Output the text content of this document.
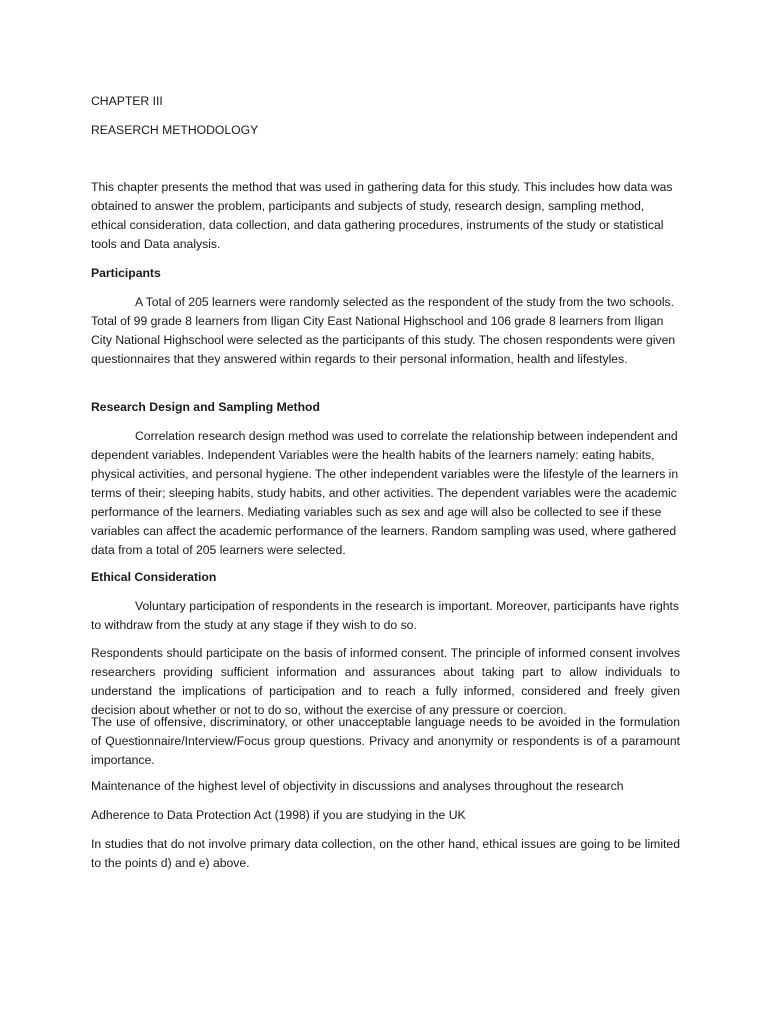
CHAPTER III
REASERCH METHODOLOGY
This chapter presents the method that was used in gathering data for this study. This includes how data was obtained to answer the problem, participants and subjects of study, research design, sampling method, ethical consideration, data collection, and data gathering procedures, instruments of the study or statistical tools and Data analysis.
Participants
A Total of 205 learners were randomly selected as the respondent of the study from the two schools. Total of 99 grade 8 learners from Iligan City East National Highschool and 106 grade 8 learners from Iligan City National Highschool were selected as the participants of this study. The chosen respondents were given questionnaires that they answered within regards to their personal information, health and lifestyles.
Research Design and Sampling Method
Correlation research design method was used to correlate the relationship between independent and dependent variables. Independent Variables were the health habits of the learners namely: eating habits, physical activities, and personal hygiene. The other independent variables were the lifestyle of the learners in terms of their; sleeping habits, study habits, and other activities. The dependent variables were the academic performance of the learners. Mediating variables such as sex and age will also be collected to see if these variables can affect the academic performance of the learners. Random sampling was used, where gathered data from a total of 205 learners were selected.
Ethical Consideration
Voluntary participation of respondents in the research is important. Moreover, participants have rights to withdraw from the study at any stage if they wish to do so.
Respondents should participate on the basis of informed consent. The principle of informed consent involves researchers providing sufficient information and assurances about taking part to allow individuals to understand the implications of participation and to reach a fully informed, considered and freely given decision about whether or not to do so, without the exercise of any pressure or coercion.
The use of offensive, discriminatory, or other unacceptable language needs to be avoided in the formulation of Questionnaire/Interview/Focus group questions. Privacy and anonymity or respondents is of a paramount importance.
Maintenance of the highest level of objectivity in discussions and analyses throughout the research
Adherence to Data Protection Act (1998) if you are studying in the UK
In studies that do not involve primary data collection, on the other hand, ethical issues are going to be limited to the points d) and e) above.
